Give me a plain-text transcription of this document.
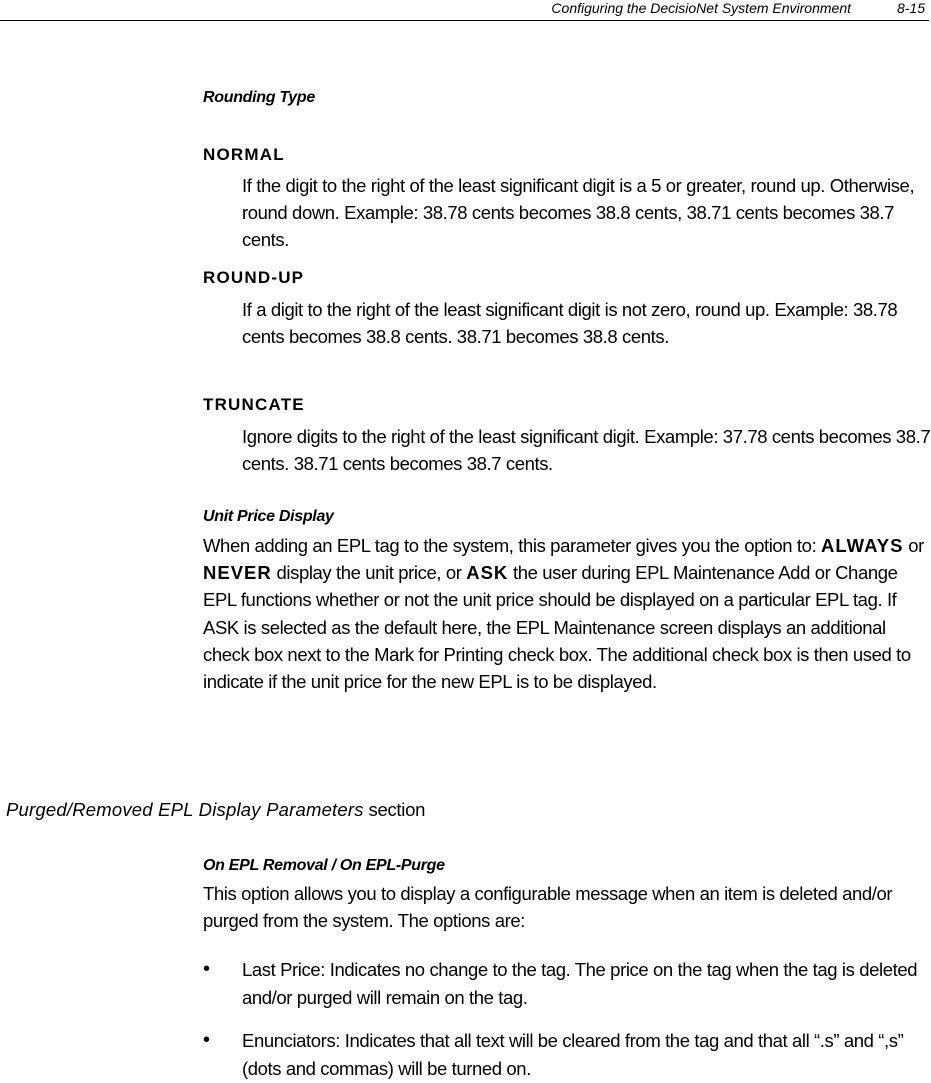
Configuring the DecisioNet System Environment	8-15
Rounding Type
NORMAL
If the digit to the right of the least significant digit is a 5 or greater, round up. Otherwise, round down. Example: 38.78 cents becomes 38.8 cents, 38.71 cents becomes 38.7 cents.
ROUND-UP
If a digit to the right of the least significant digit is not zero, round up. Example: 38.78 cents becomes 38.8 cents. 38.71 becomes 38.8 cents.
TRUNCATE
Ignore digits to the right of the least significant digit. Example: 37.78 cents becomes 38.7 cents. 38.71 cents becomes 38.7 cents.
Unit Price Display
When adding an EPL tag to the system, this parameter gives you the option to: ALWAYS or NEVER display the unit price, or ASK the user during EPL Maintenance Add or Change EPL functions whether or not the unit price should be displayed on a particular EPL tag. If ASK is selected as the default here, the EPL Maintenance screen displays an additional check box next to the Mark for Printing check box. The additional check box is then used to indicate if the unit price for the new EPL is to be displayed.
Purged/Removed EPL Display Parameters section
On EPL Removal / On EPL-Purge
This option allows you to display a configurable message when an item is deleted and/or purged from the system. The options are:
• Last Price: Indicates no change to the tag. The price on the tag when the tag is deleted and/or purged will remain on the tag.
• Enunciators: Indicates that all text will be cleared from the tag and that all “.s” and “,s” (dots and commas) will be turned on.
